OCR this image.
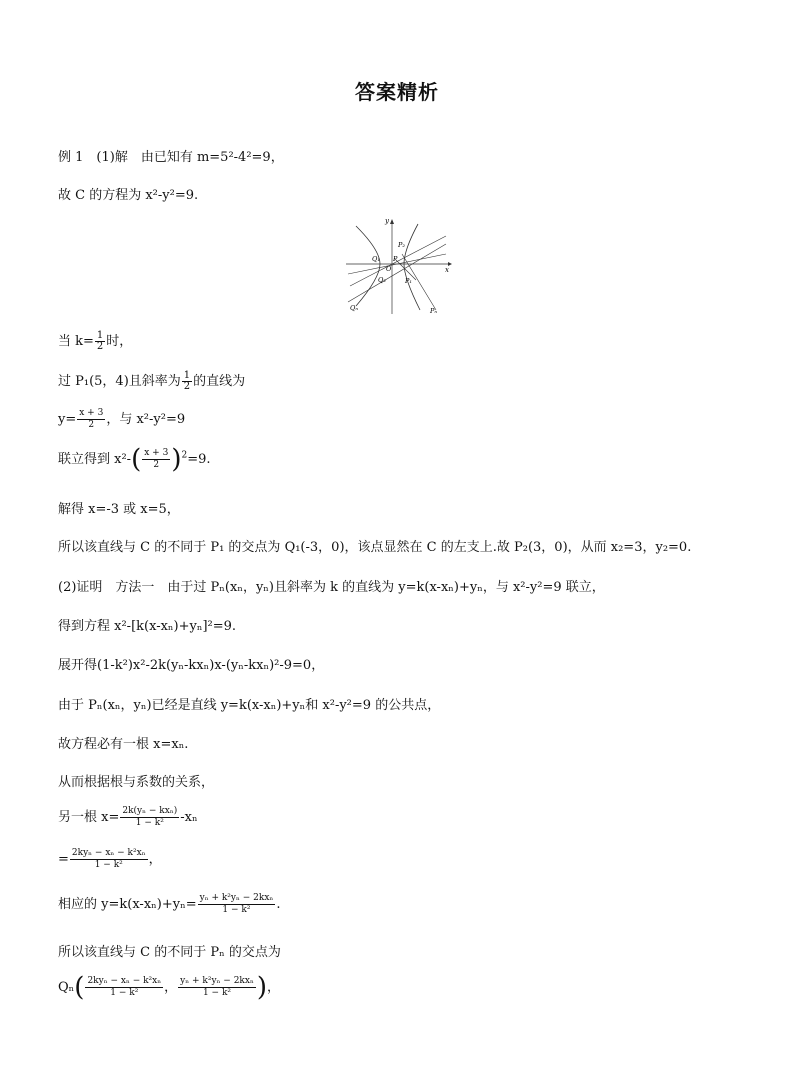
答案精析
例 1　(1)解　由已知有 m=5²-4²=9，
故 C 的方程为 x²-y²=9.
x
y
P₂
Q₁ P
O
Q₂	P₁
Qₙ	Pₙ
当 $k= \frac{1}{2}$ 时，
过 P₁(5，4)且斜率为 $\frac{1}{2}$ 的直线为
$y= \frac{x + 3}{2}$ ，与 x²-y²=9
联立得到 $x^2-( \frac{x + 3}{2} )^2=9$.
解得 x=-3 或 x=5，
所以该直线与 C 的不同于 P₁ 的交点为 Q₁(-3，0)，该点显然在 C 的左支上.故 P₂(3，0)，从而 x₂=3，y₂=0.
(2)证明　方法一　由于过 Pₙ(xₙ，yₙ)且斜率为 k 的直线为 y=k(x-xₙ)+yₙ，与 x²-y²=9 联立，
得到方程 x²-[k(x-xₙ)+yₙ]²=9.
展开得(1-k²)x²-2k(yₙ-kxₙ)x-(yₙ-kxₙ)²-9=0，
由于 Pₙ(xₙ，yₙ)已经是直线 y=k(x-xₙ)+yₙ和 x²-y²=9 的公共点，
故方程必有一根 x=xₙ.
从而根据根与系数的关系，
另一根 $x= \frac{\text{2k(yₙ − kxₙ)}}{\text{1 − k²}} -x_n$
= $\frac{\text{2kyₙ − xₙ − k²xₙ}}{\text{1 − k²}}$ ，
相应的 $y=k(x-x_n)+y_n= \frac{\text{yₙ + k²yₙ − 2kxₙ}}{\text{1 − k²}}$ .
所以该直线与 C 的不同于 Pₙ 的交点为
$Q_n( \frac{\text{2kyₙ − xₙ − k²xₙ}}{\text{1 − k²}}$ ， $\frac{\text{yₙ + k²yₙ − 2kxₙ}}{\text{1 − k²}}$ )，
